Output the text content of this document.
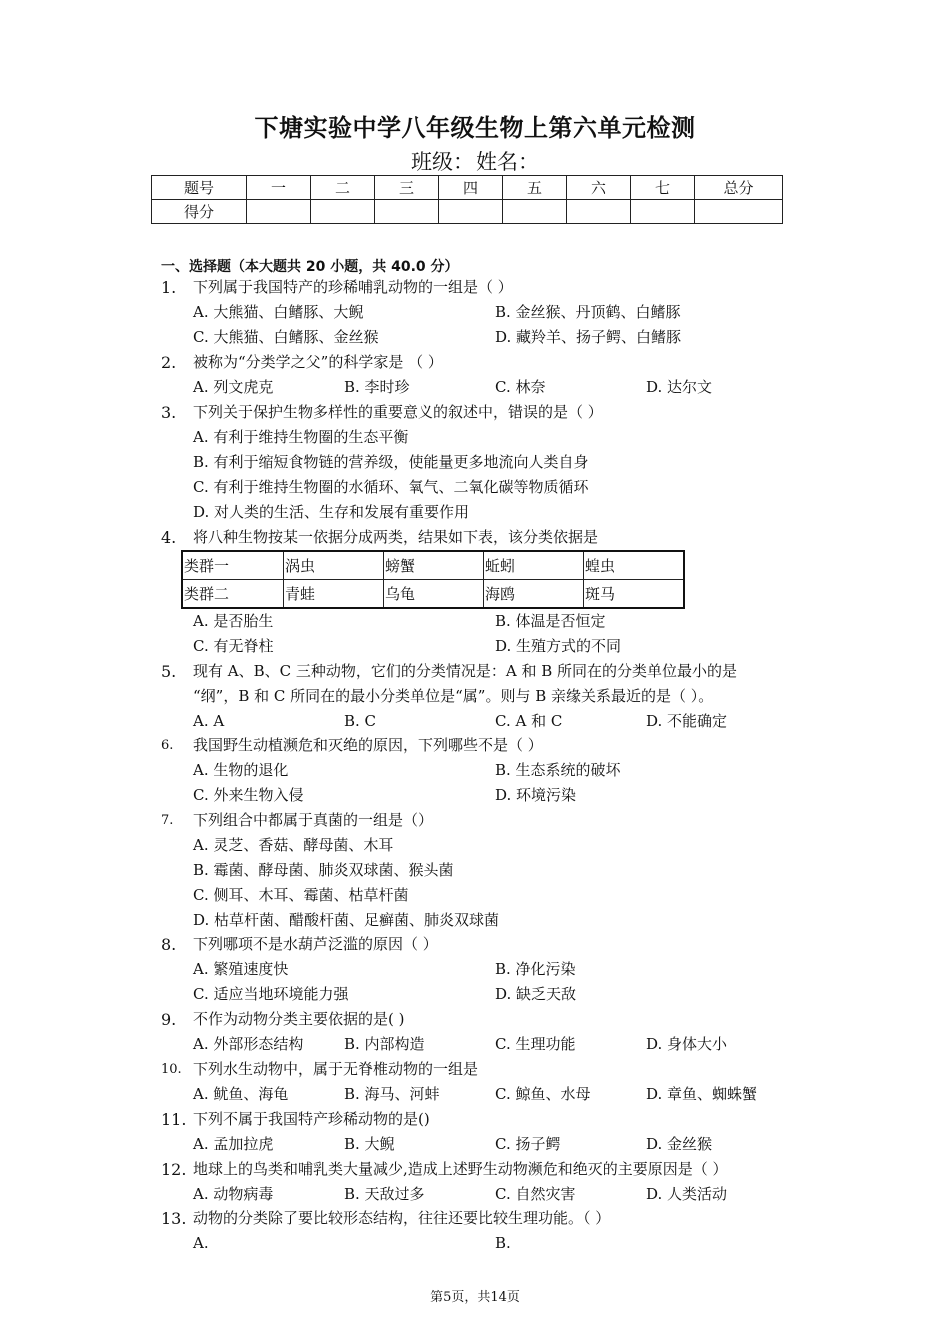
下塘实验中学八年级生物上第六单元检测
班级：姓名：
题号	一	二	三	四	五	六	七	总分
得分								
一、选择题（本大题共 20 小题，共 40.0 分）
1. 下列属于我国特产的珍稀哺乳动物的一组是（ ）
A. 大熊猫、白鳍豚、大鲵	B. 金丝猴、丹顶鹤、白鳍豚
C. 大熊猫、白鳍豚、金丝猴	D. 藏羚羊、扬子鳄、白鳍豚
2. 被称为“分类学之父”的科学家是 （ ）
A. 列文虎克	B. 李时珍	C. 林奈	D. 达尔文
3. 下列关于保护生物多样性的重要意义的叙述中，错误的是（ ）
A. 有利于维持生物圈的生态平衡
B. 有利于缩短食物链的营养级，使能量更多地流向人类自身
C. 有利于维持生物圈的水循环、氧气、二氧化碳等物质循环
D. 对人类的生活、生存和发展有重要作用
4. 将八种生物按某一依据分成两类，结果如下表，该分类依据是
类群一	涡虫	螃蟹	蚯蚓	蝗虫
类群二	青蛙	乌龟	海鸥	斑马
A. 是否胎生	B. 体温是否恒定
C. 有无脊柱	D. 生殖方式的不同
5. 现有 A、B、C 三种动物，它们的分类情况是：A 和 B 所同在的分类单位最小的是
“纲”，B 和 C 所同在的最小分类单位是“属”。则与 B 亲缘关系最近的是（ ）。
A. A	B. C	C. A 和 C	D. 不能确定
6. 我国野生动植濒危和灭绝的原因，下列哪些不是（ ）
A. 生物的退化	B. 生态系统的破坏
C. 外来生物入侵	D. 环境污染
7. 下列组合中都属于真菌的一组是（）
A. 灵芝、香菇、酵母菌、木耳
B. 霉菌、酵母菌、肺炎双球菌、猴头菌
C. 侧耳、木耳、霉菌、枯草杆菌
D. 枯草杆菌、醋酸杆菌、足癣菌、肺炎双球菌
8. 下列哪项不是水葫芦泛滥的原因（ ）
A. 繁殖速度快	B. 净化污染
C. 适应当地环境能力强	D. 缺乏天敌
9. 不作为动物分类主要依据的是( )
A. 外部形态结构	B. 内部构造	C. 生理功能	D. 身体大小
10. 下列水生动物中，属于无脊椎动物的一组是
A. 鱿鱼、海龟	B. 海马、河蚌	C. 鲸鱼、水母	D. 章鱼、蜘蛛蟹
11. 下列不属于我国特产珍稀动物的是()
A. 孟加拉虎	B. 大鲵	C. 扬子鳄	D. 金丝猴
12. 地球上的鸟类和哺乳类大量减少,造成上述野生动物濒危和绝灭的主要原因是（ ）
A. 动物病毒	B. 天敌过多	C. 自然灾害	D. 人类活动
13. 动物的分类除了要比较形态结构，往往还要比较生理功能。（ ）
A.	B.
第5页，共14页
